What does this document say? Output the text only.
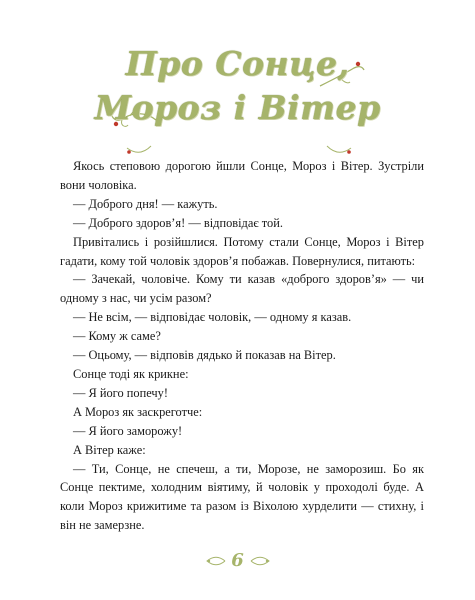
Про Сонце,
Мороз і Вітер

Якось степовою дорогою йшли Сонце, Мороз і Вітер. Зустріли вони чоловіка.

— Доброго дня! — кажуть.

— Доброго здоров’я! — відповідає той.

Привітались і розійшлися. Потому стали Сонце, Мороз і Вітер гадати, кому той чоловік здоров’я побажав. Повернулися, питають:

— Зачекай, чоловіче. Кому ти казав «доброго здоров’я» — чи одному з нас, чи усім разом?

— Не всім, — відповідає чоловік, — одному я казав.

— Кому ж саме?

— Оцьому, — відповів дядько й показав на Вітер.

Сонце тоді як крикне:

— Я його попечу!

А Мороз як заскреготче:

— Я його заморожу!

А Вітер каже:

— Ти, Сонце, не спечеш, а ти, Морозе, не заморозиш. Бо як Сонце пектиме, холодним віятиму, й чоловік у проходолі буде. А коли Мороз крижитиме та разом із Віхолою хурделити — стихну, і він не замерзне.

6
